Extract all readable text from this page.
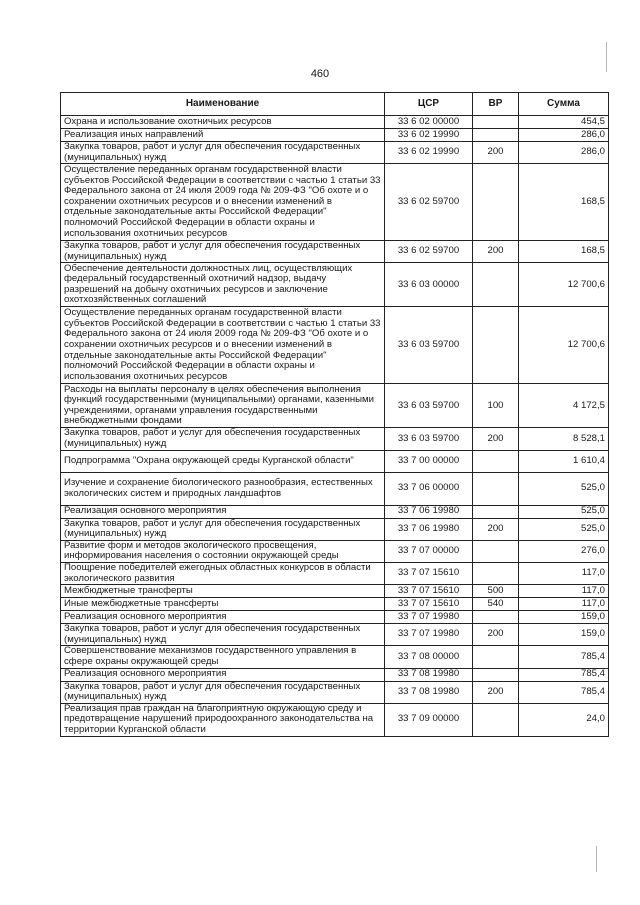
460
Наименование	ЦСР	ВР	Сумма
Охрана и использование охотничьих ресурсов	33 6 02 00000		454,5
Реализация иных направлений	33 6 02 19990		286,0
Закупка товаров, работ и услуг для обеспечения государственных (муниципальных) нужд	33 6 02 19990	200	286,0
Осуществление переданных органам государственной власти субъектов Российской Федерации в соответствии с частью 1 статьи 33 Федерального закона от 24 июля 2009 года № 209-ФЗ "Об охоте и о сохранении охотничьих ресурсов и о внесении изменений в отдельные законодательные акты Российской Федерации" полномочий Российской Федерации в области охраны и использования охотничьих ресурсов	33 6 02 59700		168,5
Закупка товаров, работ и услуг для обеспечения государственных (муниципальных) нужд	33 6 02 59700	200	168,5
Обеспечение деятельности должностных лиц, осуществляющих федеральный государственный охотничий надзор, выдачу разрешений на добычу охотничьих ресурсов и заключение охотхозяйственных соглашений	33 6 03 00000		12 700,6
Осуществление переданных органам государственной власти субъектов Российской Федерации в соответствии с частью 1 статьи 33 Федерального закона от 24 июля 2009 года № 209-ФЗ "Об охоте и о сохранении охотничьих ресурсов и о внесении изменений в отдельные законодательные акты Российской Федерации" полномочий Российской Федерации в области охраны и использования охотничьих ресурсов	33 6 03 59700		12 700,6
Расходы на выплаты персоналу в целях обеспечения выполнения функций государственными (муниципальными) органами, казенными учреждениями, органами управления государственными внебюджетными фондами	33 6 03 59700	100	4 172,5
Закупка товаров, работ и услуг для обеспечения государственных (муниципальных) нужд	33 6 03 59700	200	8 528,1
Подпрограмма "Охрана окружающей среды Курганской области"	33 7 00 00000		1 610,4
Изучение и сохранение биологического разнообразия, естественных экологических систем и природных ландшафтов	33 7 06 00000		525,0
Реализация основного мероприятия	33 7 06 19980		525,0
Закупка товаров, работ и услуг для обеспечения государственных (муниципальных) нужд	33 7 06 19980	200	525,0
Развитие форм и методов экологического просвещения, информирования населения о состоянии окружающей среды	33 7 07 00000		276,0
Поощрение победителей ежегодных областных конкурсов в области экологического развития	33 7 07 15610		117,0
Межбюджетные трансферты	33 7 07 15610	500	117,0
Иные межбюджетные трансферты	33 7 07 15610	540	117,0
Реализация основного мероприятия	33 7 07 19980		159,0
Закупка товаров, работ и услуг для обеспечения государственных (муниципальных) нужд	33 7 07 19980	200	159,0
Совершенствование механизмов государственного управления в сфере охраны окружающей среды	33 7 08 00000		785,4
Реализация основного мероприятия	33 7 08 19980		785,4
Закупка товаров, работ и услуг для обеспечения государственных (муниципальных) нужд	33 7 08 19980	200	785,4
Реализация прав граждан на благоприятную окружающую среду и предотвращение нарушений природоохранного законодательства на территории Курганской области	33 7 09 00000		24,0
